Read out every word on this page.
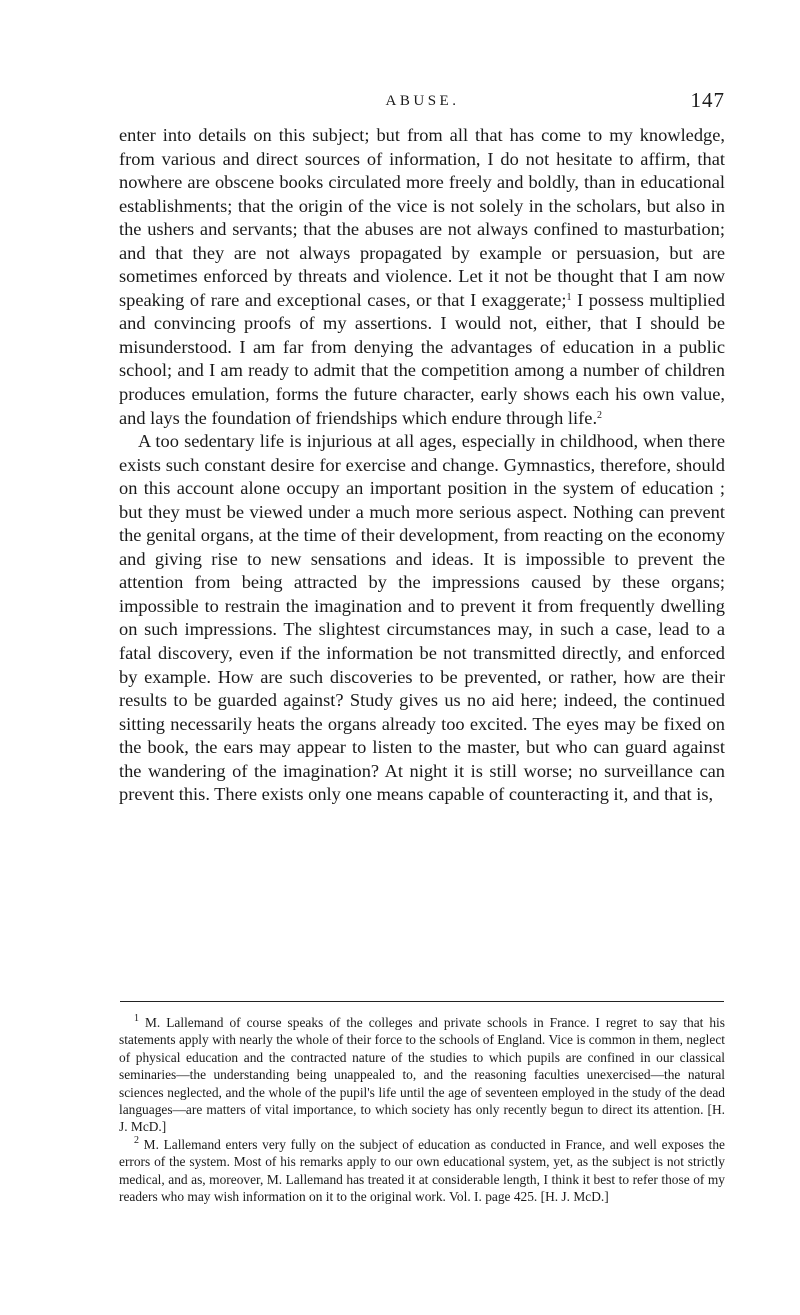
ABUSE.	147

enter into details on this subject; but from all that has come to my knowledge, from various and direct sources of information, I do not hesitate to affirm, that nowhere are obscene books circulated more freely and boldly, than in educational establishments; that the origin of the vice is not solely in the scholars, but also in the ushers and servants; that the abuses are not always confined to masturbation; and that they are not always propagated by example or persuasion, but are sometimes enforced by threats and violence. Let it not be thought that I am now speaking of rare and exceptional cases, or that I exaggerate;$^1$ I possess multiplied and convincing proofs of my assertions. I would not, either, that I should be misunderstood. I am far from denying the advantages of education in a public school; and I am ready to admit that the competition among a number of children produces emulation, forms the future character, early shows each his own value, and lays the foundation of friendships which endure through life.$^2$

A too sedentary life is injurious at all ages, especially in childhood, when there exists such constant desire for exercise and change. Gymnastics, therefore, should on this account alone occupy an important position in the system of education ; but they must be viewed under a much more serious aspect. Nothing can prevent the genital organs, at the time of their development, from reacting on the economy and giving rise to new sensations and ideas. It is impossible to prevent the attention from being attracted by the impressions caused by these organs; impossible to restrain the imagination and to prevent it from frequently dwelling on such impressions. The slightest circumstances may, in such a case, lead to a fatal discovery, even if the information be not transmitted directly, and enforced by example. How are such discoveries to be prevented, or rather, how are their results to be guarded against? Study gives us no aid here; indeed, the continued sitting necessarily heats the organs already too excited. The eyes may be fixed on the book, the ears may appear to listen to the master, but who can guard against the wandering of the imagination? At night it is still worse; no surveillance can prevent this. There exists only one means capable of counteracting it, and that is,

$^1$ M. Lallemand of course speaks of the colleges and private schools in France. I regret to say that his statements apply with nearly the whole of their force to the schools of England. Vice is common in them, neglect of physical education and the contracted nature of the studies to which pupils are confined in our classical seminaries—the understanding being unappealed to, and the reasoning faculties unexercised—the natural sciences neglected, and the whole of the pupil's life until the age of seventeen employed in the study of the dead languages—are matters of vital importance, to which society has only recently begun to direct its attention. [H. J. McD.]

$^2$ M. Lallemand enters very fully on the subject of education as conducted in France, and well exposes the errors of the system. Most of his remarks apply to our own educational system, yet, as the subject is not strictly medical, and as, moreover, M. Lallemand has treated it at considerable length, I think it best to refer those of my readers who may wish information on it to the original work. Vol. I. page 425. [H. J. McD.]
